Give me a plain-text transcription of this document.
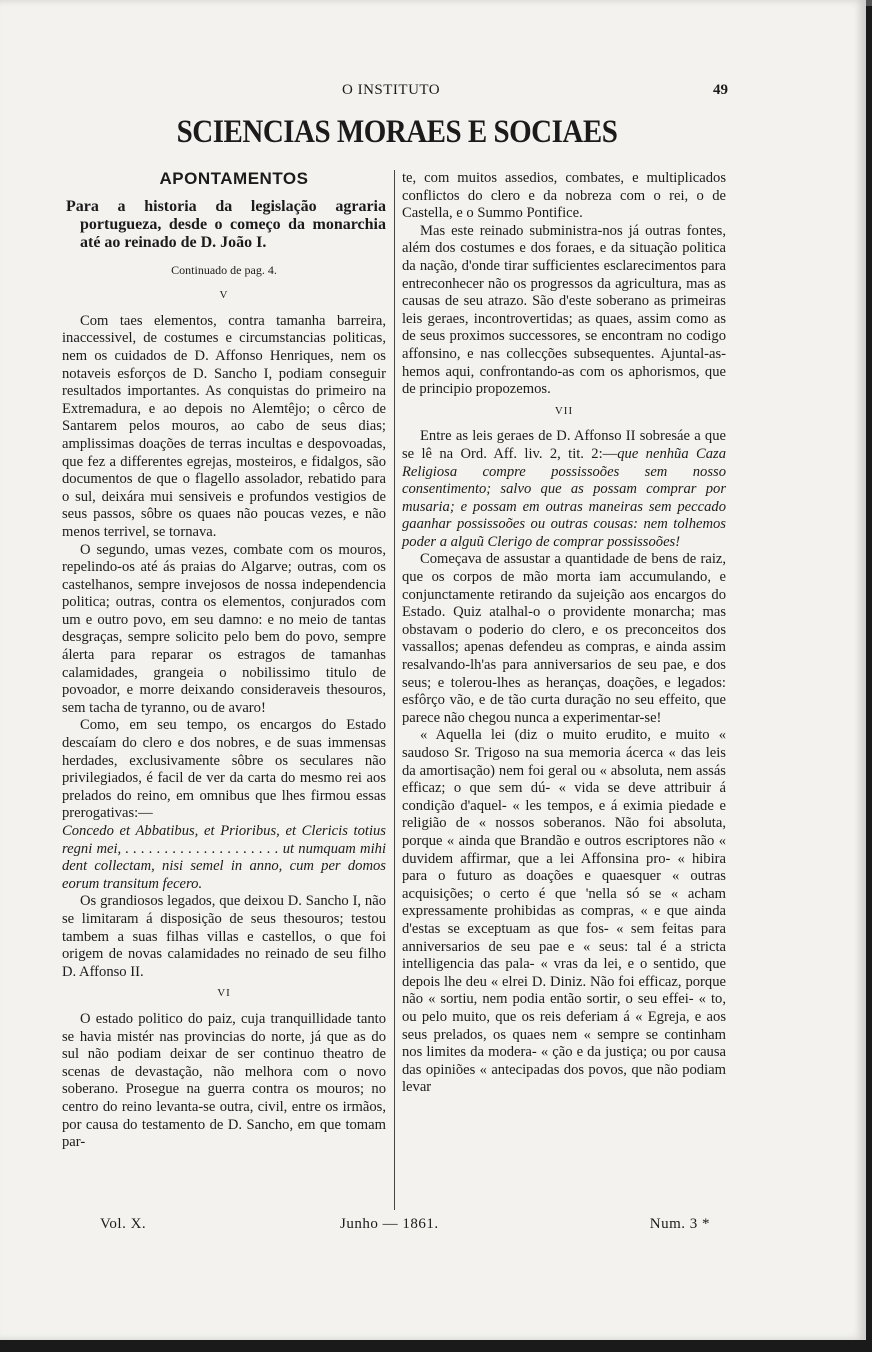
O INSTITUTO	49
SCIENCIAS MORAES E SOCIAES
APONTAMENTOS
Para a historia da legislação agraria portugueza, desde o começo da monarchia até ao reinado de D. João I.
Continuado de pag. 4.
V

Com taes elementos, contra tamanha barreira, inaccessivel, de costumes e circumstancias politicas, nem os cuidados de D. Affonso Henriques, nem os notaveis esforços de D. Sancho I, podiam conseguir resultados importantes. As conquistas do primeiro na Extremadura, e ao depois no Alemtêjo; o cêrco de Santarem pelos mouros, ao cabo de seus dias; amplissimas doações de terras incultas e despovoadas, que fez a differentes egrejas, mosteiros, e fidalgos, são documentos de que o flagello assolador, rebatido para o sul, deixára mui sensiveis e profundos vestigios de seus passos, sôbre os quaes não poucas vezes, e não menos terrivel, se tornava.

O segundo, umas vezes, combate com os mouros, repelindo-os até ás praias do Algarve; outras, com os castelhanos, sempre invejosos de nossa independencia politica; outras, contra os elementos, conjurados com um e outro povo, em seu damno: e no meio de tantas desgraças, sempre solicito pelo bem do povo, sempre álerta para reparar os estragos de tamanhas calamidades, grangeia o nobilissimo titulo de povoador, e morre deixando consideraveis thesouros, sem tacha de tyranno, ou de avaro!

Como, em seu tempo, os encargos do Estado descaíam do clero e dos nobres, e de suas immensas herdades, exclusivamente sôbre os seculares não privilegiados, é facil de ver da carta do mesmo rei aos prelados do reino, em omnibus que lhes firmou essas prerogativas:—

Concedo et Abbatibus, et Prioribus, et Clericis totius regni mei, . . . . . . . . . . . . . . . . . . . . ut numquam mihi dent collectam, nisi semel in anno, cum per domos eorum transitum fecero.

Os grandiosos legados, que deixou D. Sancho I, não se limitaram á disposição de seus thesouros; testou tambem a suas filhas villas e castellos, o que foi origem de novas calamidades no reinado de seu filho D. Affonso II.

VI

O estado politico do paiz, cuja tranquillidade tanto se havia mistér nas provincias do norte, já que as do sul não podiam deixar de ser continuo theatro de scenas de devastação, não melhora com o novo soberano. Prosegue na guerra contra os mouros; no centro do reino levanta-se outra, civil, entre os irmãos, por causa do testamento de D. Sancho, em que tomam par-

te, com muitos assedios, combates, e multiplicados conflictos do clero e da nobreza com o rei, o de Castella, e o Summo Pontifice.

Mas este reinado subministra-nos já outras fontes, além dos costumes e dos foraes, e da situação politica da nação, d'onde tirar sufficientes esclarecimentos para entreconhecer não os progressos da agricultura, mas as causas de seu atrazo. São d'este soberano as primeiras leis geraes, incontrovertidas; as quaes, assim como as de seus proximos successores, se encontram no codigo affonsino, e nas collecções subsequentes. Ajuntal-as-hemos aqui, confrontando-as com os aphorismos, que de principio propozemos.

VII

Entre as leis geraes de D. Affonso II sobresáe a que se lê na Ord. Aff. liv. 2, tit. 2:—que nenhũa Caza Religiosa compre possissoões sem nosso consentimento; salvo que as possam comprar por musaria; e possam em outras maneiras sem peccado gaanhar possissoões ou outras cousas: nem tolhemos poder a alguũ Clerigo de comprar possissoões!

Começava de assustar a quantidade de bens de raiz, que os corpos de mão morta iam accumulando, e conjunctamente retirando da sujeição aos encargos do Estado. Quiz atalhal-o o providente monarcha; mas obstavam o poderio do clero, e os preconceitos dos vassallos; apenas defendeu as compras, e ainda assim resalvando-lh'as para anniversarios de seu pae, e dos seus; e tolerou-lhes as heranças, doações, e legados: esfôrço vão, e de tão curta duração no seu effeito, que parece não chegou nunca a experimentar-se!

« Aquella lei (diz o muito erudito, e muito « saudoso Sr. Trigoso na sua memoria ácerca « das leis da amortisação) nem foi geral ou « absoluta, nem assás efficaz; o que sem dú- « vida se deve attribuir á condição d'aquel- « les tempos, e á eximia piedade e religião de « nossos soberanos. Não foi absoluta, porque « ainda que Brandão e outros escriptores não « duvidem affirmar, que a lei Affonsina pro- « hibira para o futuro as doações e quaesquer « outras acquisições; o certo é que 'nella só se « acham expressamente prohibidas as compras, « e que ainda d'estas se exceptuam as que fos- « sem feitas para anniversarios de seu pae e « seus: tal é a stricta intelligencia das pala- « vras da lei, e o sentido, que depois lhe deu « elrei D. Diniz. Não foi efficaz, porque não « sortiu, nem podia então sortir, o seu effei- « to, ou pelo muito, que os reis deferiam á « Egreja, e aos seus prelados, os quaes nem « sempre se continham nos limites da modera- « ção e da justiça; ou por causa das opiniões « antecipadas dos povos, que não podiam levar

Vol. X.	Junho — 1861.	Num. 3 *
